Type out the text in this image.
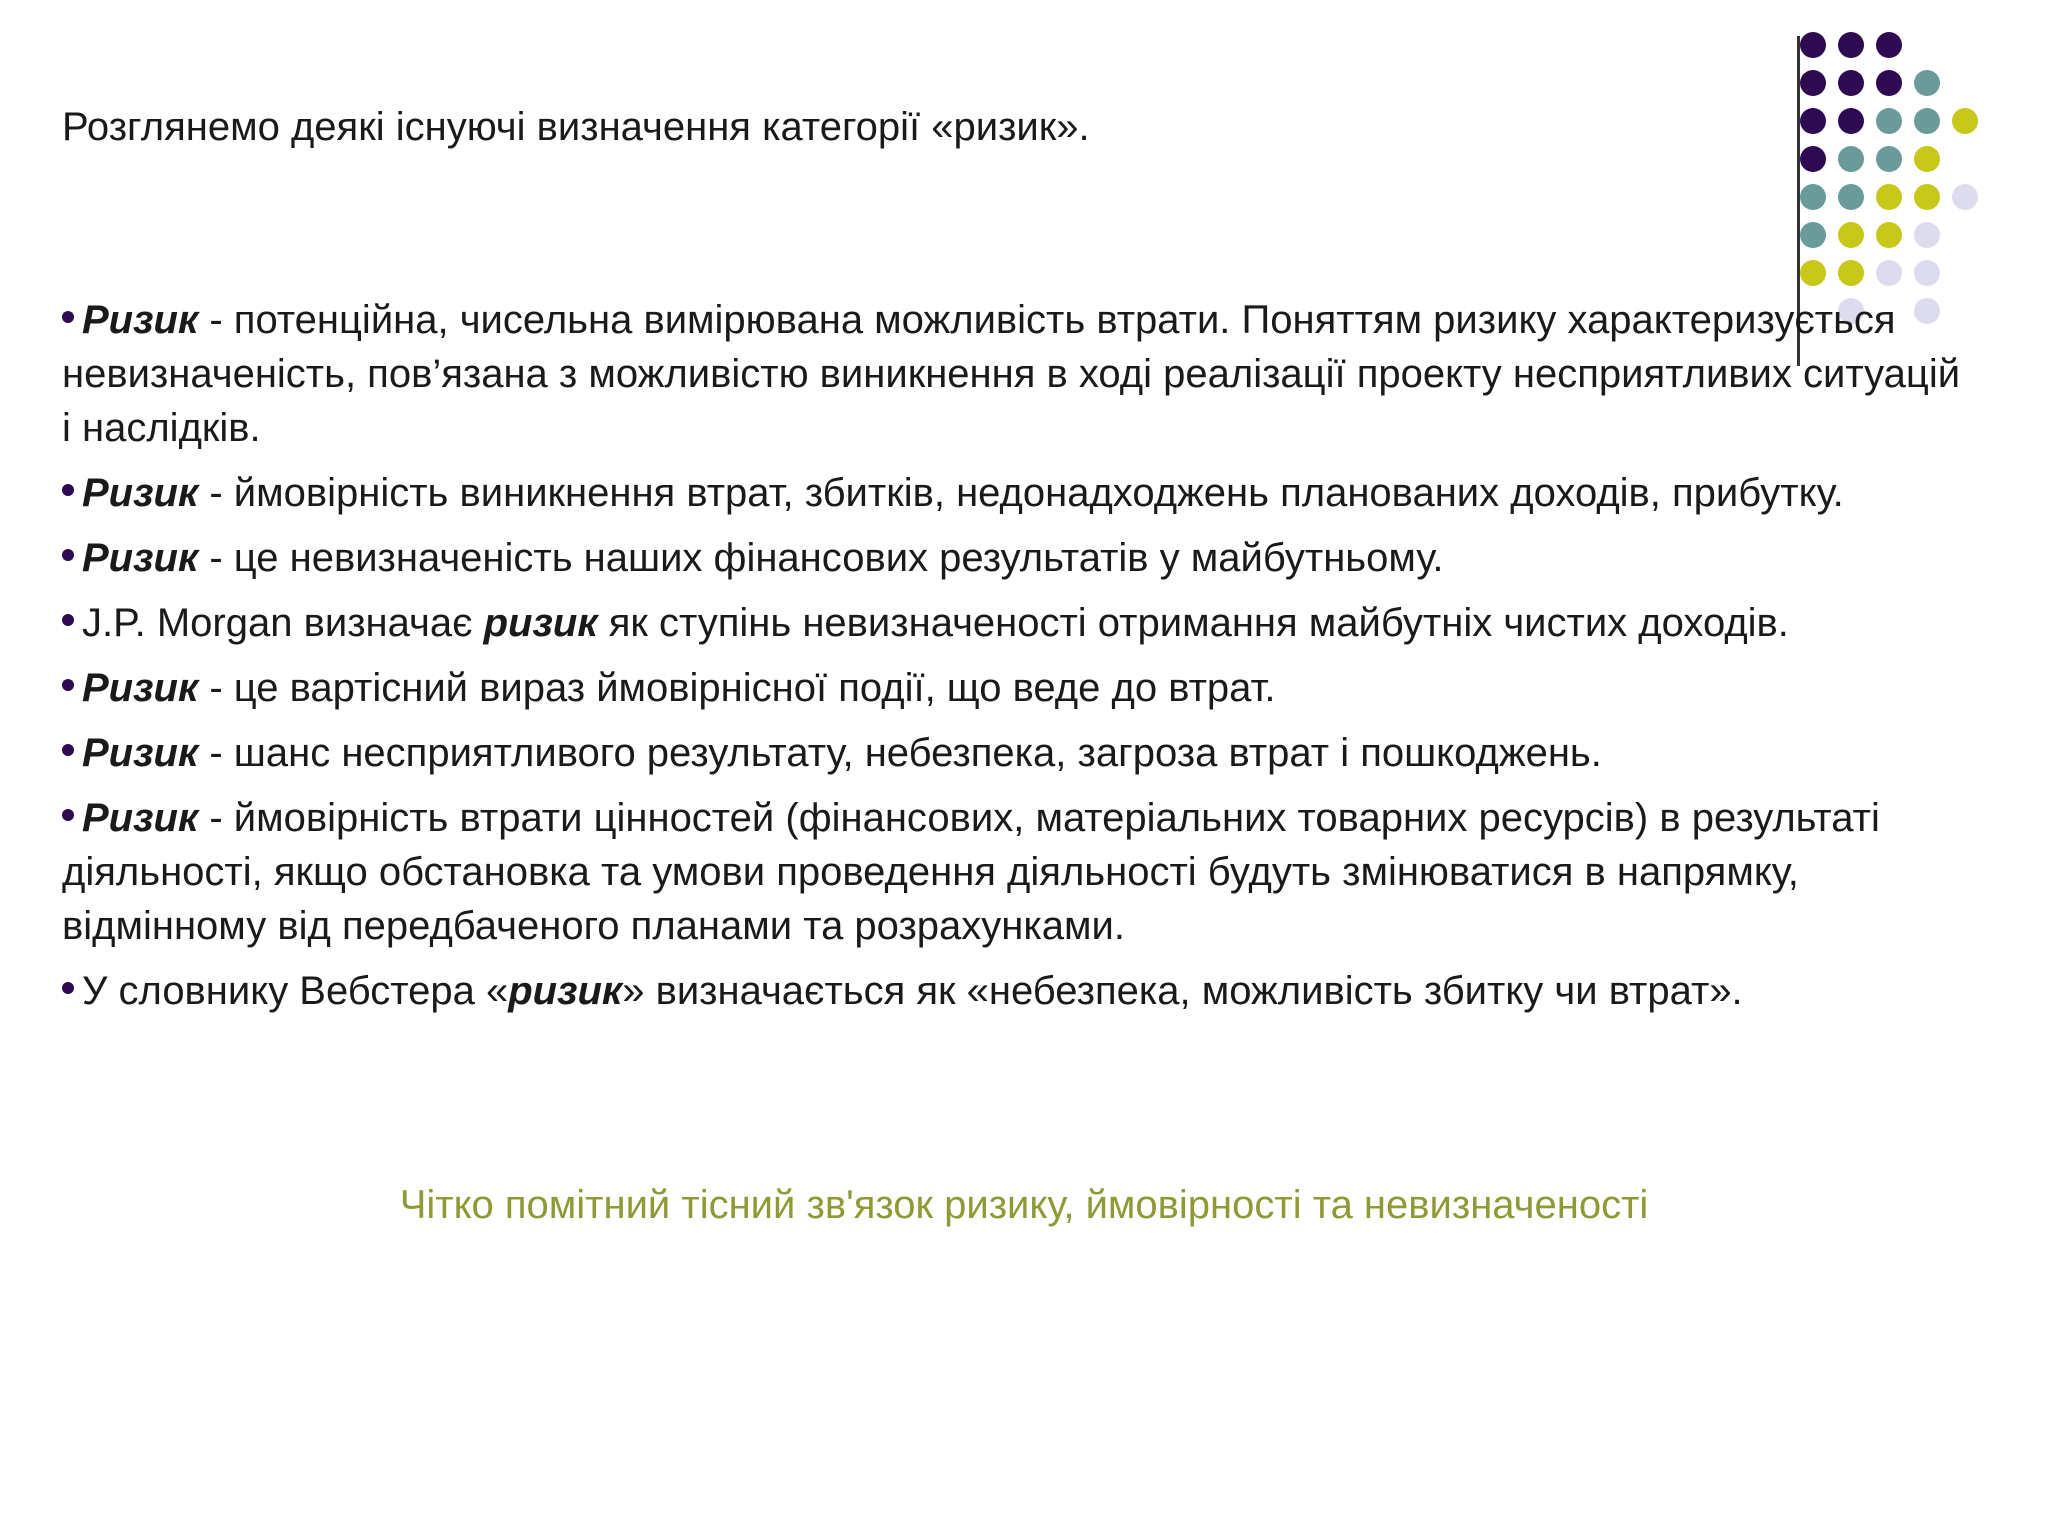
Розглянемо деякі існуючі визначення категорії «ризик».

Ризик - потенційна, чисельна вимірювана можливість втрати. Поняттям ризику характеризується невизначеність, пов’язана з можливістю виникнення в ході реалізації проекту несприятливих ситуацій і наслідків.
Ризик - ймовірність виникнення втрат, збитків, недонадходжень планованих доходів, прибутку.
Ризик - це невизначеність наших фінансових результатів у майбутньому.
J.P. Morgan визначає ризик як ступінь невизначеності отримання майбутніх чистих доходів.
Ризик - це вартісний вираз ймовірнісної події, що веде до втрат.
Ризик - шанс несприятливого результату, небезпека, загроза втрат і пошкоджень.
Ризик - ймовірність втрати цінностей (фінансових, матеріальних товарних ресурсів) в результаті діяльності, якщо обстановка та умови проведення діяльності будуть змінюватися в напрямку, відмінному від передбаченого планами та розрахунками.
У словнику Вебстера «ризик» визначається як «небезпека, можливість збитку чи втрат».

Чітко помітний тісний зв'язок ризику, ймовірності та невизначеності
